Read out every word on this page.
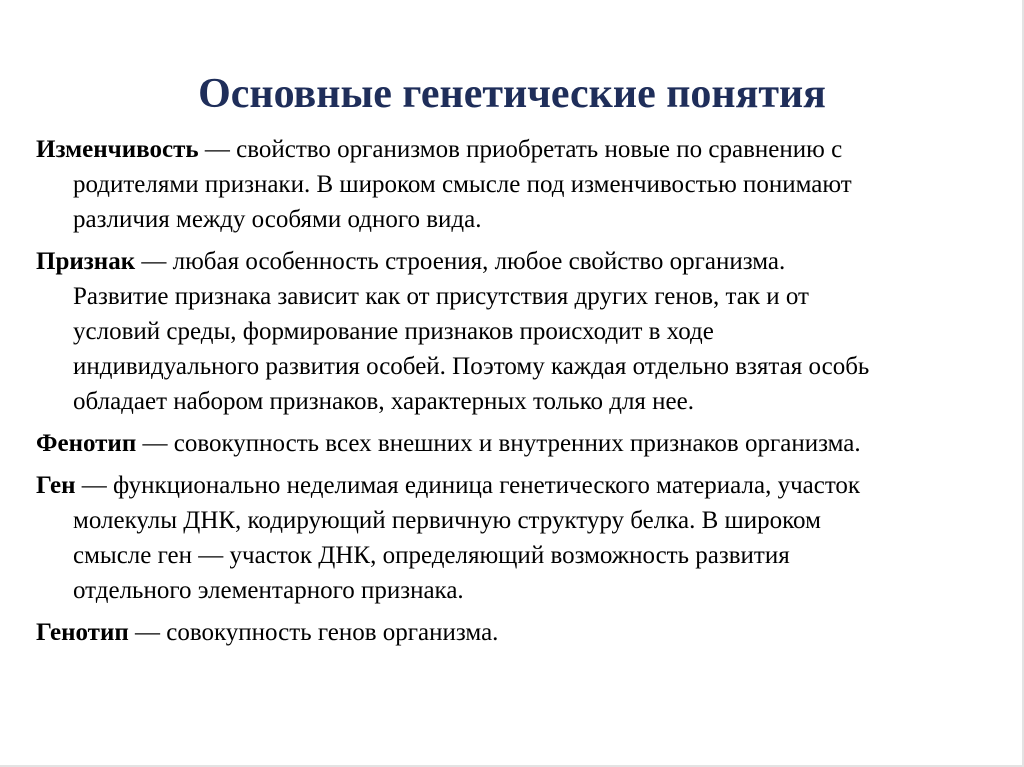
Основные генетические понятия
Изменчивость — свойство организмов приобретать новые по сравнению с
родителями признаки. В широком смысле под изменчивостью понимают
различия между особями одного вида.
Признак — любая особенность строения, любое свойство организма.
Развитие признака зависит как от присутствия других генов, так и от
условий среды, формирование признаков происходит в ходе
индивидуального развития особей. Поэтому каждая отдельно взятая особь
обладает набором признаков, характерных только для нее.
Фенотип — совокупность всех внешних и внутренних признаков организма.
Ген — функционально неделимая единица генетического материала, участок
молекулы ДНК, кодирующий первичную структуру белка. В широком
смысле ген — участок ДНК, определяющий возможность развития
отдельного элементарного признака.
Генотип — совокупность генов организма.
